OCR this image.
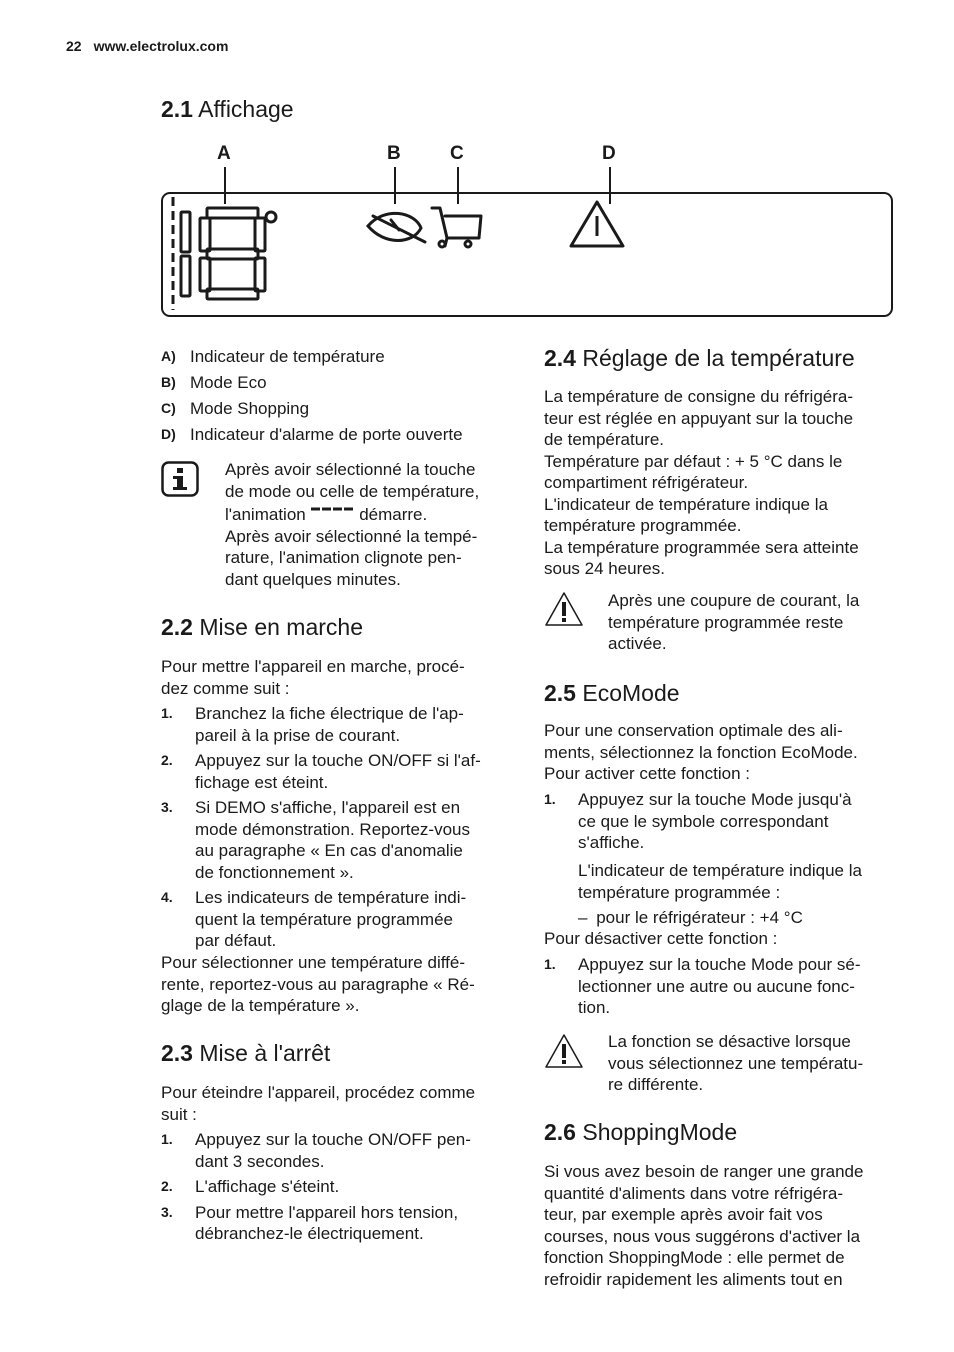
22 www.electrolux.com
2.1 Affichage
A	B	C	D
A) Indicateur de température
B) Mode Eco
C) Mode Shopping
D) Indicateur d'alarme de porte ouverte
Après avoir sélectionné la touche
de mode ou celle de température,
l'animation	démarre.
Après avoir sélectionné la tempé-
rature, l'animation clignote pen-
dant quelques minutes.
2.2 Mise en marche

Pour mettre l'appareil en marche, procé-

dez comme suit :

1. Branchez la fiche électrique de l'ap-
pareil à la prise de courant.
2. Appuyez sur la touche ON/OFF si l'af-
fichage est éteint.
3. Si DEMO s'affiche, l'appareil est en
mode démonstration. Reportez-vous
au paragraphe « En cas d'anomalie
de fonctionnement ».
4. Les indicateurs de température indi-
quent la température programmée
par défaut.

Pour sélectionner une température diffé-

rente, reportez-vous au paragraphe « Ré-

glage de la température ».

2.3 Mise à l'arrêt

Pour éteindre l'appareil, procédez comme

suit :

1. Appuyez sur la touche ON/OFF pen-
dant 3 secondes.
2. L'affichage s'éteint.
3. Pour mettre l'appareil hors tension,
débranchez-le électriquement.
2.4 Réglage de la température

La température de consigne du réfrigéra-

teur est réglée en appuyant sur la touche

de température.

Température par défaut : + 5 °C dans le

compartiment réfrigérateur.

L'indicateur de température indique la

température programmée.

La température programmée sera atteinte

sous 24 heures.

Après une coupure de courant, la
température programmée reste
activée.
2.5 EcoMode

Pour une conservation optimale des ali-

ments, sélectionnez la fonction EcoMode.

Pour activer cette fonction :

1. Appuyez sur la touche Mode jusqu'à
ce que le symbole correspondant
s'affiche.

L'indicateur de température indique la

température programmée :

– pour le réfrigérateur : +4 °C

Pour désactiver cette fonction :

1. Appuyez sur la touche Mode pour sé-
lectionner une autre ou aucune fonc-
tion.
La fonction se désactive lorsque
vous sélectionnez une températu-
re différente.
2.6 ShoppingMode

Si vous avez besoin de ranger une grande

quantité d'aliments dans votre réfrigéra-

teur, par exemple après avoir fait vos

courses, nous vous suggérons d'activer la

fonction ShoppingMode : elle permet de

refroidir rapidement les aliments tout en
